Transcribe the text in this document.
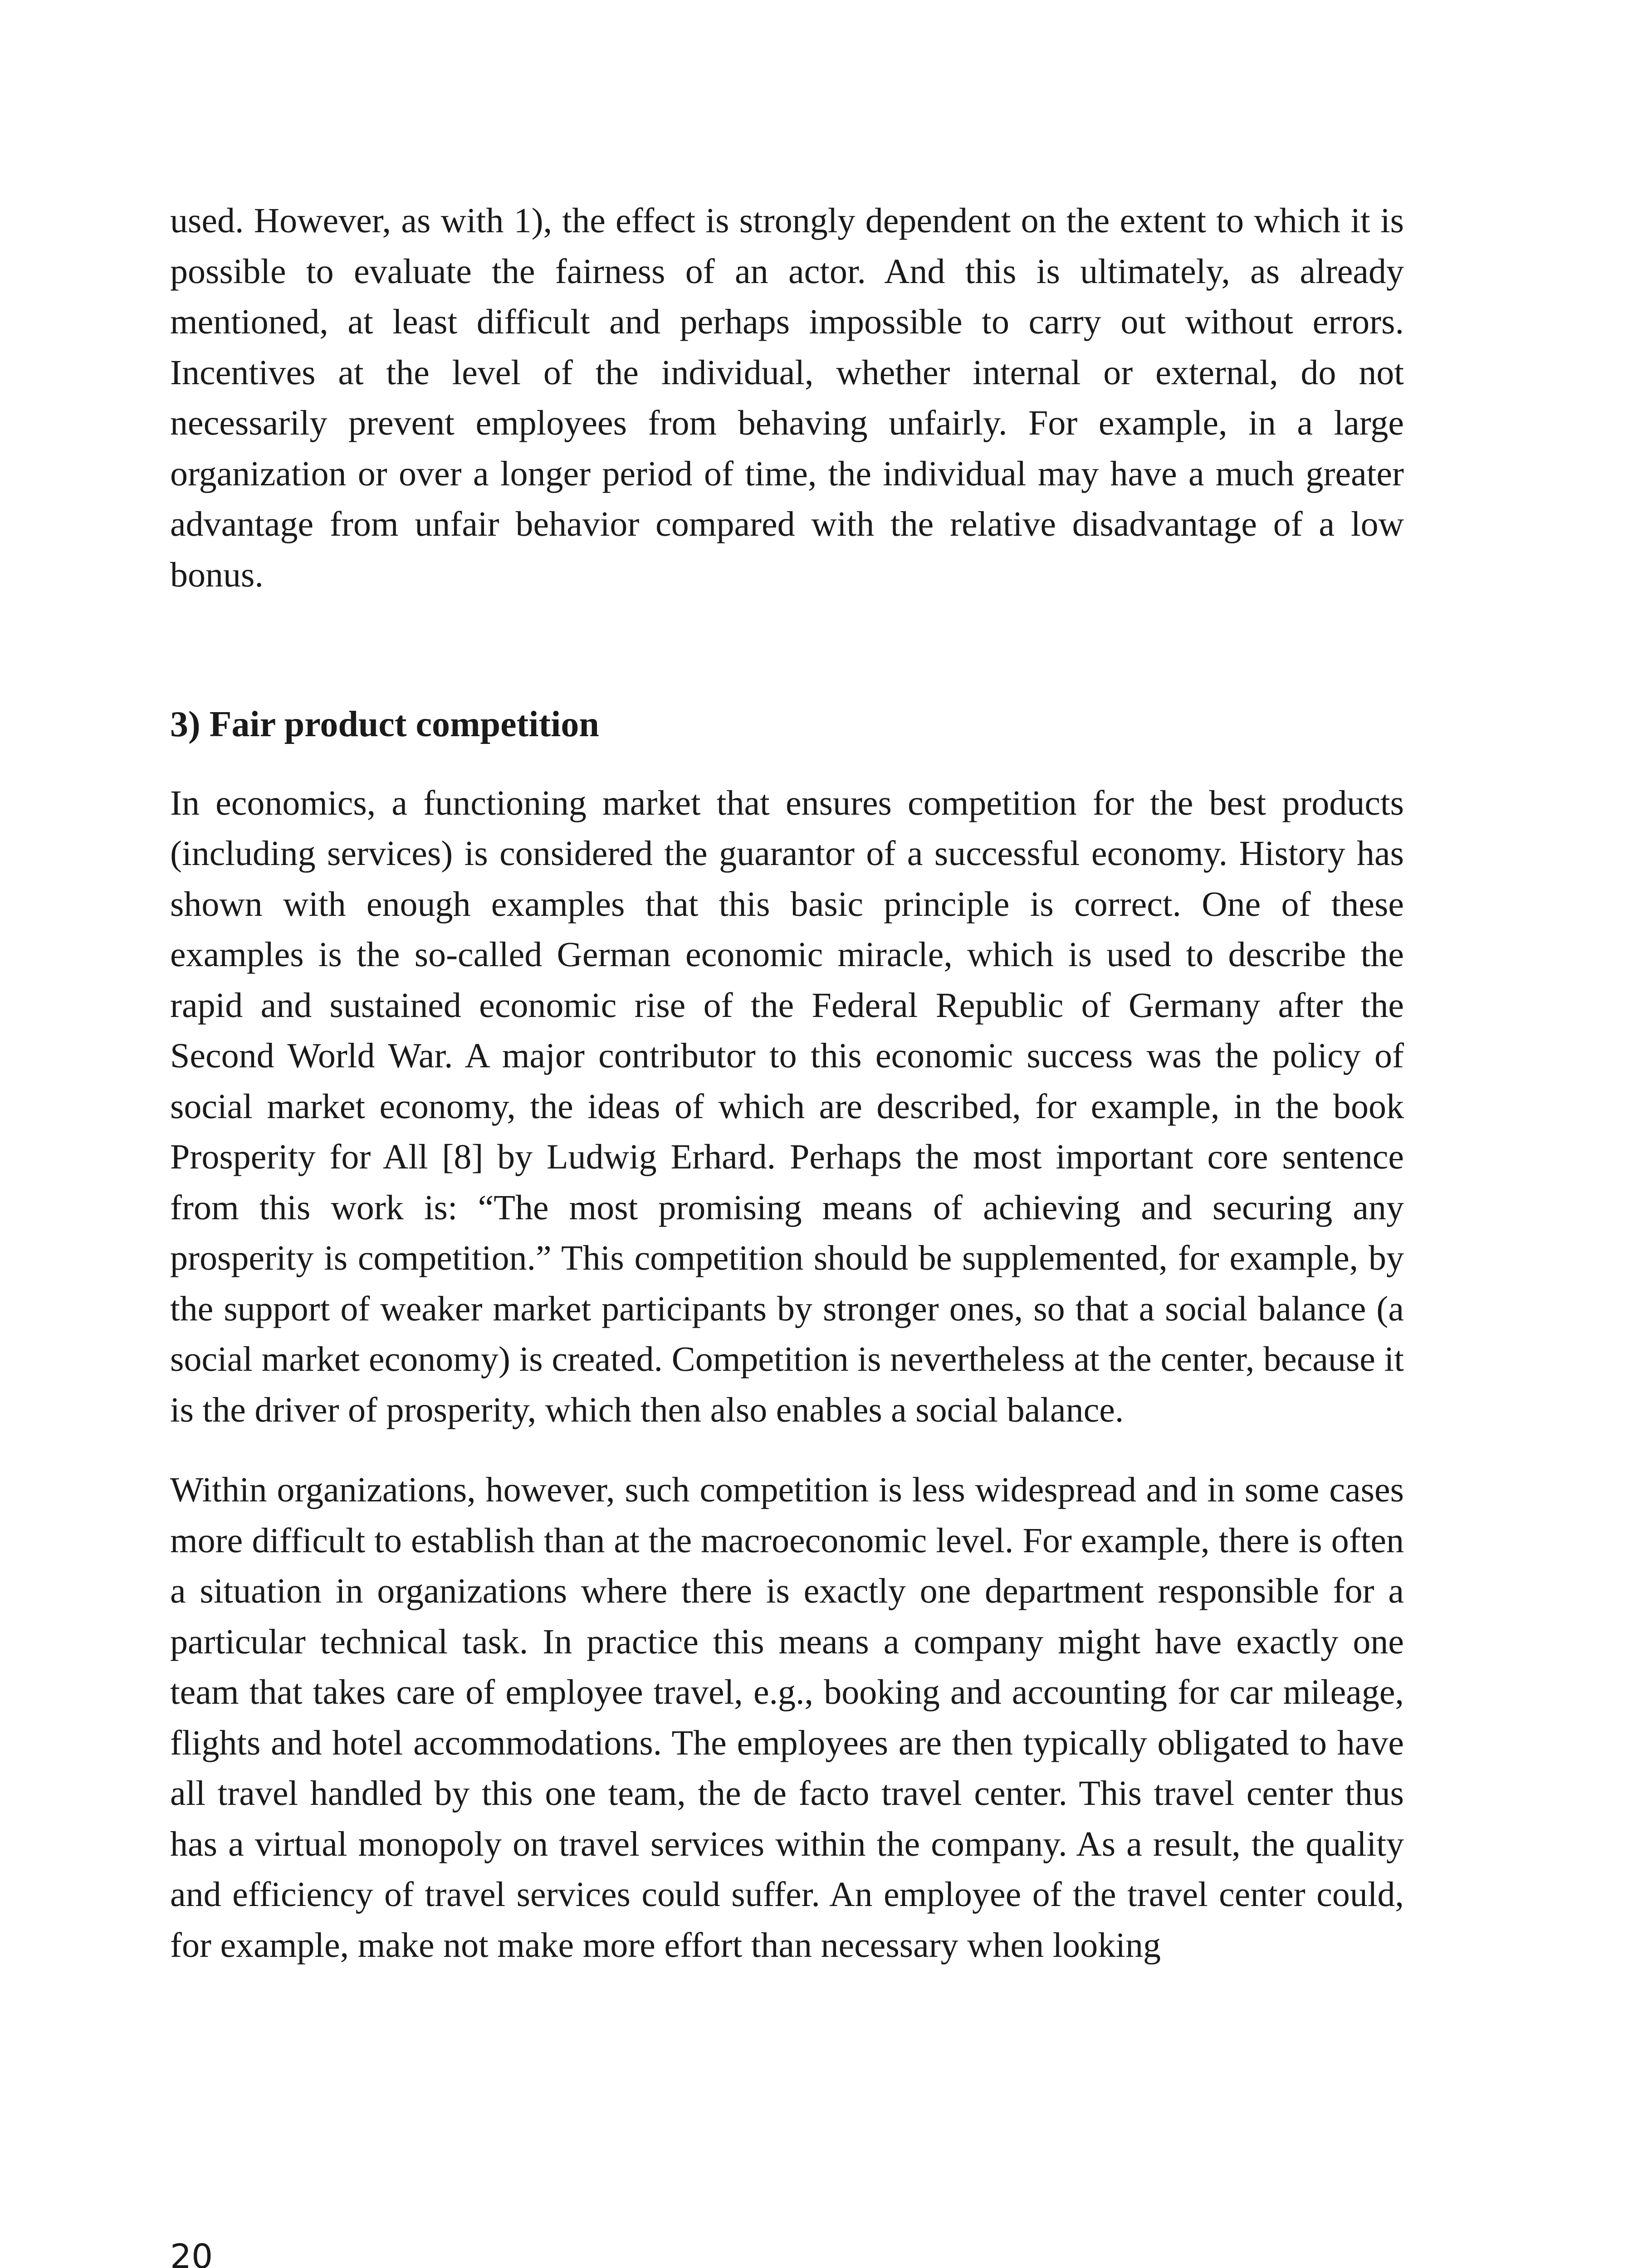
used. However, as with 1), the effect is strongly dependent on the extent to which it is possible to evaluate the fairness of an actor. And this is ultimately, as already mentioned, at least difficult and perhaps impossible to carry out without errors. Incentives at the level of the individual, whether internal or external, do not necessarily prevent employees from behaving unfairly. For example, in a large organization or over a longer period of time, the individual may have a much greater advantage from unfair behavior compared with the relative disadvantage of a low bonus.

3) Fair product competition

In economics, a functioning market that ensures competition for the best products (including services) is considered the guarantor of a successful economy. History has shown with enough examples that this basic principle is correct. One of these examples is the so-called German economic miracle, which is used to describe the rapid and sustained economic rise of the Federal Republic of Germany after the Second World War. A major contributor to this economic success was the policy of social market economy, the ideas of which are described, for example, in the book Prosperity for All [8] by Ludwig Erhard. Perhaps the most important core sentence from this work is: “The most promising means of achieving and securing any prosperity is competition.” This competition should be supplemented, for example, by the support of weaker market participants by stronger ones, so that a social balance (a social market economy) is created. Competition is nevertheless at the center, because it is the driver of prosperity, which then also enables a social balance.

Within organizations, however, such competition is less widespread and in some cases more difficult to establish than at the macroeconomic level. For example, there is often a situation in organizations where there is exactly one department responsible for a particular technical task. In practice this means a company might have exactly one team that takes care of employee travel, e.g., booking and accounting for car mileage, flights and hotel accommodations. The employees are then typically obligated to have all travel handled by this one team, the de facto travel center. This travel center thus has a virtual monopoly on travel services within the company. As a result, the quality and efficiency of travel services could suffer. An employee of the travel center could, for example, make not make more effort than necessary when looking

20
